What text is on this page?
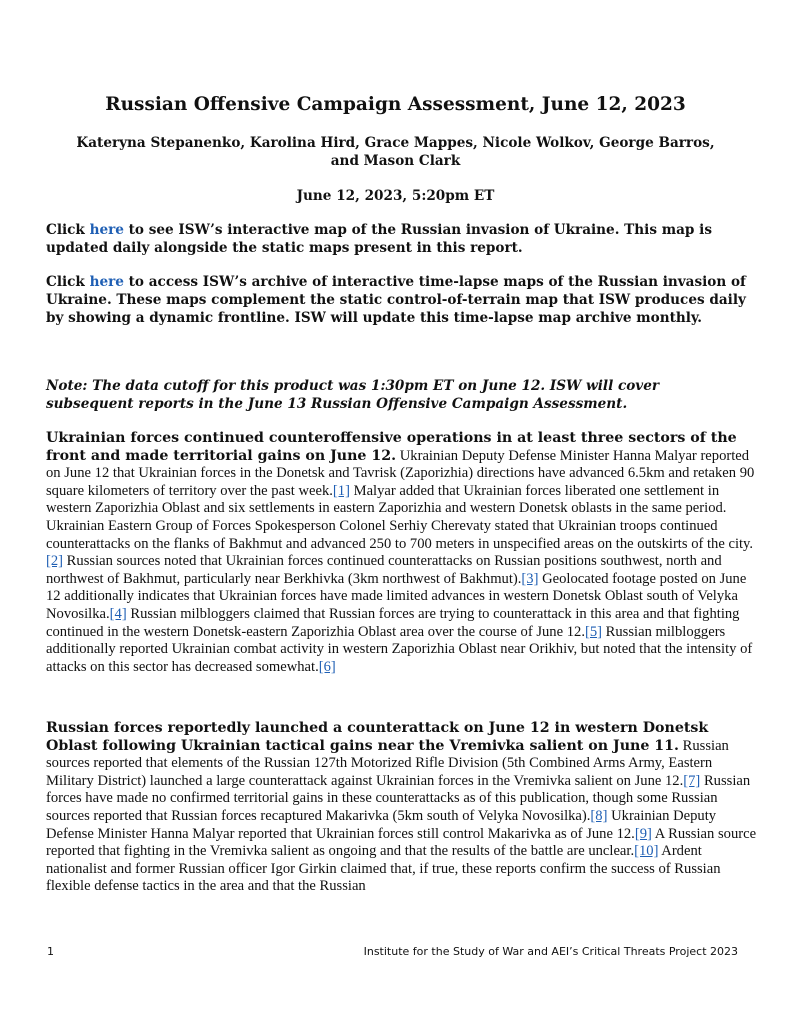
Russian Offensive Campaign Assessment, June 12, 2023
Kateryna Stepanenko, Karolina Hird, Grace Mappes, Nicole Wolkov, George Barros, and Mason Clark
June 12, 2023, 5:20pm ET
Click here to see ISW’s interactive map of the Russian invasion of Ukraine. This map is updated daily alongside the static maps present in this report.
Click here to access ISW’s archive of interactive time-lapse maps of the Russian invasion of Ukraine. These maps complement the static control-of-terrain map that ISW produces daily by showing a dynamic frontline. ISW will update this time-lapse map archive monthly.
Note: The data cutoff for this product was 1:30pm ET on June 12. ISW will cover subsequent reports in the June 13 Russian Offensive Campaign Assessment.
Ukrainian forces continued counteroffensive operations in at least three sectors of the front and made territorial gains on June 12. Ukrainian Deputy Defense Minister Hanna Malyar reported on June 12 that Ukrainian forces in the Donetsk and Tavrisk (Zaporizhia) directions have advanced 6.5km and retaken 90 square kilometers of territory over the past week.[1] Malyar added that Ukrainian forces liberated one settlement in western Zaporizhia Oblast and six settlements in eastern Zaporizhia and western Donetsk oblasts in the same period. Ukrainian Eastern Group of Forces Spokesperson Colonel Serhiy Cherevaty stated that Ukrainian troops continued counterattacks on the flanks of Bakhmut and advanced 250 to 700 meters in unspecified areas on the outskirts of the city.[2] Russian sources noted that Ukrainian forces continued counterattacks on Russian positions southwest, north and northwest of Bakhmut, particularly near Berkhivka (3km northwest of Bakhmut).[3] Geolocated footage posted on June 12 additionally indicates that Ukrainian forces have made limited advances in western Donetsk Oblast south of Velyka Novosilka.[4] Russian milbloggers claimed that Russian forces are trying to counterattack in this area and that fighting continued in the western Donetsk-eastern Zaporizhia Oblast area over the course of June 12.[5] Russian milbloggers additionally reported Ukrainian combat activity in western Zaporizhia Oblast near Orikhiv, but noted that the intensity of attacks on this sector has decreased somewhat.[6]
Russian forces reportedly launched a counterattack on June 12 in western Donetsk Oblast following Ukrainian tactical gains near the Vremivka salient on June 11. Russian sources reported that elements of the Russian 127th Motorized Rifle Division (5th Combined Arms Army, Eastern Military District) launched a large counterattack against Ukrainian forces in the Vremivka salient on June 12.[7] Russian forces have made no confirmed territorial gains in these counterattacks as of this publication, though some Russian sources reported that Russian forces recaptured Makarivka (5km south of Velyka Novosilka).[8] Ukrainian Deputy Defense Minister Hanna Malyar reported that Ukrainian forces still control Makarivka as of June 12.[9] A Russian source reported that fighting in the Vremivka salient as ongoing and that the results of the battle are unclear.[10] Ardent nationalist and former Russian officer Igor Girkin claimed that, if true, these reports confirm the success of Russian flexible defense tactics in the area and that the Russian
1	Institute for the Study of War and AEI’s Critical Threats Project 2023
